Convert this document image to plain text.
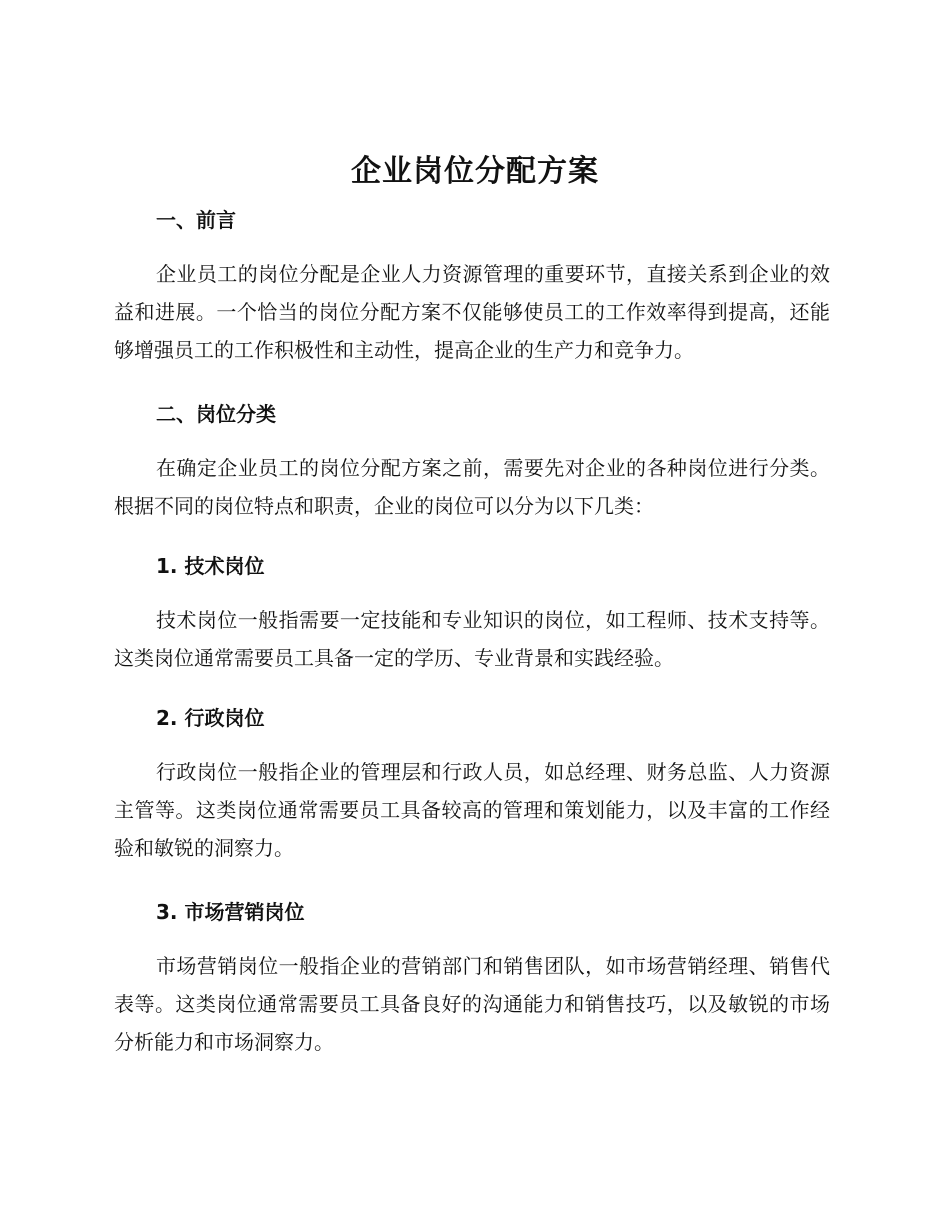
企业岗位分配方案
一、前言
企业员工的岗位分配是企业人力资源管理的重要环节，直接关系到企业的效益和进展。一个恰当的岗位分配方案不仅能够使员工的工作效率得到提高，还能够增强员工的工作积极性和主动性，提高企业的生产力和竞争力。
二、岗位分类
在确定企业员工的岗位分配方案之前，需要先对企业的各种岗位进行分类。根据不同的岗位特点和职责，企业的岗位可以分为以下几类：
1. 技术岗位
技术岗位一般指需要一定技能和专业知识的岗位，如工程师、技术支持等。这类岗位通常需要员工具备一定的学历、专业背景和实践经验。
2. 行政岗位
行政岗位一般指企业的管理层和行政人员，如总经理、财务总监、人力资源主管等。这类岗位通常需要员工具备较高的管理和策划能力，以及丰富的工作经验和敏锐的洞察力。
3. 市场营销岗位
市场营销岗位一般指企业的营销部门和销售团队，如市场营销经理、销售代表等。这类岗位通常需要员工具备良好的沟通能力和销售技巧，以及敏锐的市场分析能力和市场洞察力。
